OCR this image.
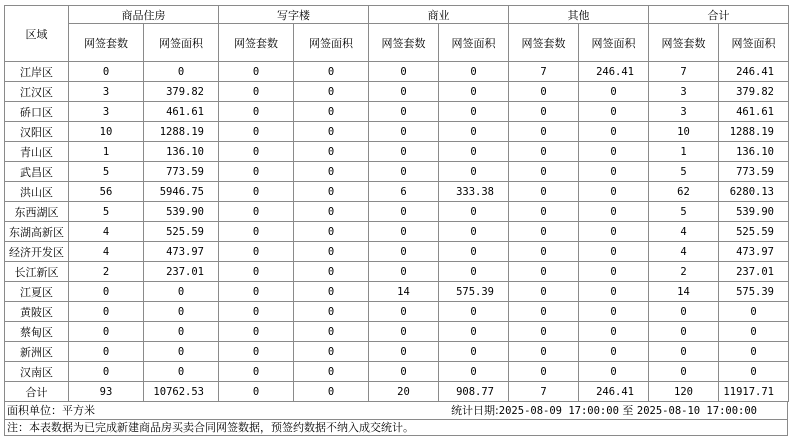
区域	商品住房		写字楼		商业		其他		合计	
	网签套数	网签面积	网签套数	网签面积	网签套数	网签面积	网签套数	网签面积	网签套数	网签面积
江岸区	0	0	0	0	0	0	7	246.41	7	246.41
江汉区	3	379.82	0	0	0	0	0	0	3	379.82
硚口区	3	461.61	0	0	0	0	0	0	3	461.61
汉阳区	10	1288.19	0	0	0	0	0	0	10	1288.19
青山区	1	136.10	0	0	0	0	0	0	1	136.10
武昌区	5	773.59	0	0	0	0	0	0	5	773.59
洪山区	56	5946.75	0	0	6	333.38	0	0	62	6280.13
东西湖区	5	539.90	0	0	0	0	0	0	5	539.90
东湖高新区	4	525.59	0	0	0	0	0	0	4	525.59
经济开发区	4	473.97	0	0	0	0	0	0	4	473.97
长江新区	2	237.01	0	0	0	0	0	0	2	237.01
江夏区	0	0	0	0	14	575.39	0	0	14	575.39
黄陂区	0	0	0	0	0	0	0	0	0	0
蔡甸区	0	0	0	0	0	0	0	0	0	0
新洲区	0	0	0	0	0	0	0	0	0	0
汉南区	0	0	0	0	0	0	0	0	0	0
合计	93	10762.53	0	0	20	908.77	7	246.41	120	11917.71
面积单位：平方米	统计日期:2025-08-09 17:00:00 至 2025-08-10 17:00:00
注：本表数据为已完成新建商品房买卖合同网签数据，预签约数据不纳入成交统计。
